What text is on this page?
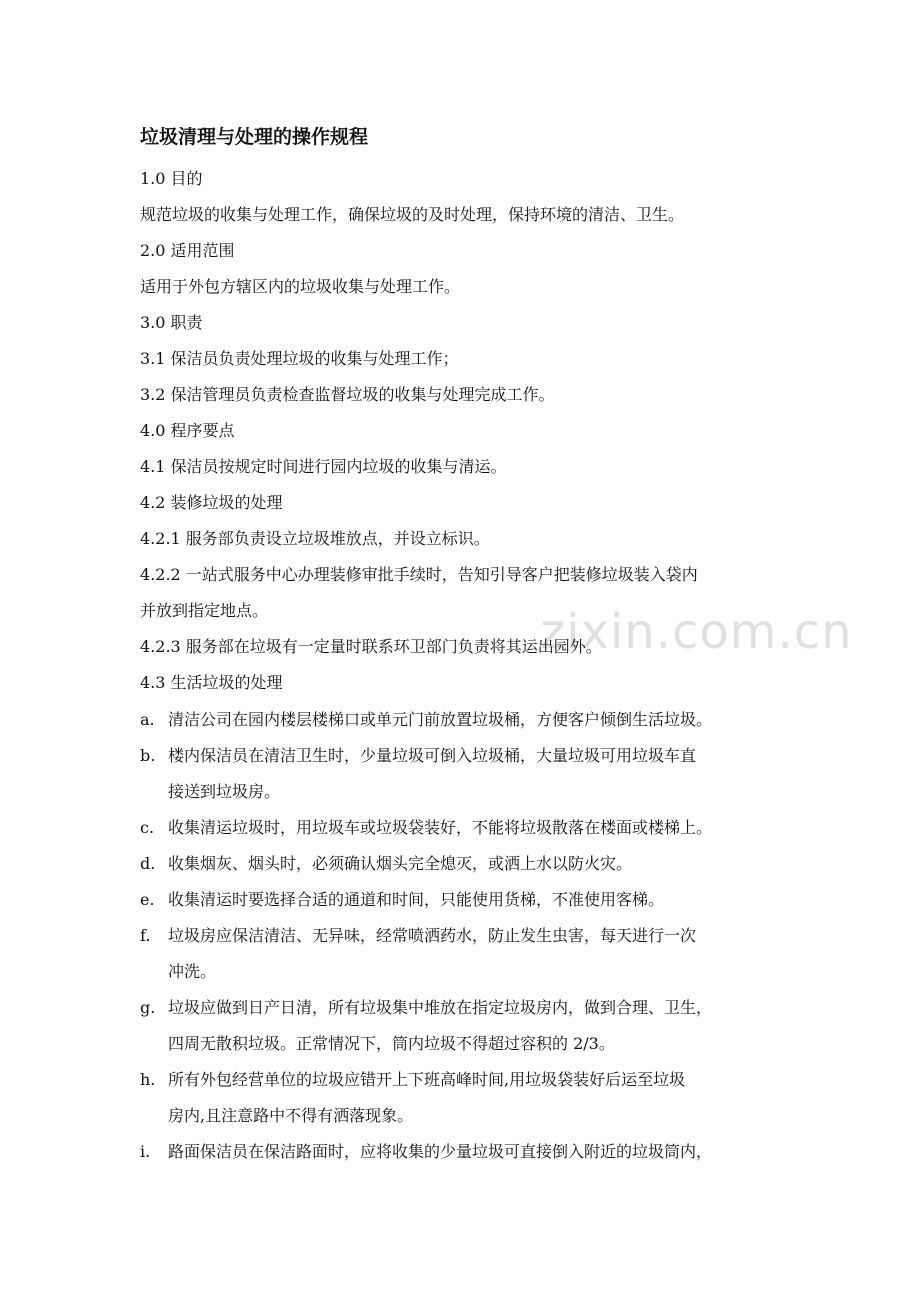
zixin.com.cn
垃圾清理与处理的操作规程
1.0 目的
规范垃圾的收集与处理工作，确保垃圾的及时处理，保持环境的清洁、卫生。
2.0 适用范围
适用于外包方辖区内的垃圾收集与处理工作。
3.0 职责
3.1 保洁员负责处理垃圾的收集与处理工作；
3.2 保洁管理员负责检查监督垃圾的收集与处理完成工作。
4.0 程序要点
4.1 保洁员按规定时间进行园内垃圾的收集与清运。
4.2 装修垃圾的处理
4.2.1 服务部负责设立垃圾堆放点，并设立标识。
4.2.2 一站式服务中心办理装修审批手续时，告知引导客户把装修垃圾装入袋内
并放到指定地点。
4.2.3 服务部在垃圾有一定量时联系环卫部门负责将其运出园外。
4.3 生活垃圾的处理
a. 清洁公司在园内楼层楼梯口或单元门前放置垃圾桶，方便客户倾倒生活垃圾。
b. 楼内保洁员在清洁卫生时，少量垃圾可倒入垃圾桶，大量垃圾可用垃圾车直
接送到垃圾房。
c. 收集清运垃圾时，用垃圾车或垃圾袋装好，不能将垃圾散落在楼面或楼梯上。
d. 收集烟灰、烟头时，必须确认烟头完全熄灭，或洒上水以防火灾。
e. 收集清运时要选择合适的通道和时间，只能使用货梯，不准使用客梯。
f. 垃圾房应保洁清洁、无异味，经常喷洒药水，防止发生虫害，每天进行一次
冲洗。
g. 垃圾应做到日产日清，所有垃圾集中堆放在指定垃圾房内，做到合理、卫生，
四周无散积垃圾。正常情况下，筒内垃圾不得超过容积的 2/3。
h. 所有外包经营单位的垃圾应错开上下班高峰时间,用垃圾袋装好后运至垃圾
房内,且注意路中不得有洒落现象。
i. 路面保洁员在保洁路面时，应将收集的少量垃圾可直接倒入附近的垃圾筒内，
